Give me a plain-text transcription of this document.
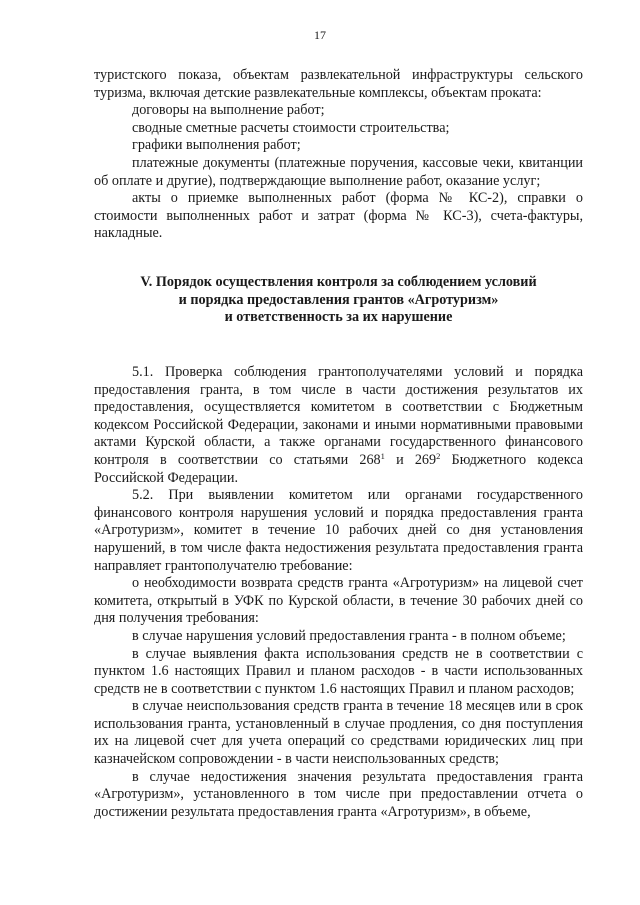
17

туристского показа, объектам развлекательной инфраструктуры сельского туризма, включая детские развлекательные комплексы, объектам проката:

договоры на выполнение работ;

сводные сметные расчеты стоимости строительства;

графики выполнения работ;

платежные документы (платежные поручения, кассовые чеки, квитанции об оплате и другие), подтверждающие выполнение работ, оказание услуг;

акты о приемке выполненных работ (форма № КС-2), справки о стоимости выполненных работ и затрат (форма № КС-3), счета-фактуры, накладные.

V. Порядок осуществления контроля за соблюдением условий
и порядка предоставления грантов «Агротуризм»
и ответственность за их нарушение

5.1. Проверка соблюдения грантополучателями условий и порядка предоставления гранта, в том числе в части достижения результатов их предоставления, осуществляется комитетом в соответствии с Бюджетным кодексом Российской Федерации, законами и иными нормативными правовыми актами Курской области, а также органами государственного финансового контроля в соответствии со статьями $268^1$ и $269^2$ Бюджетного кодекса Российской Федерации.

5.2. При выявлении комитетом или органами государственного финансового контроля нарушения условий и порядка предоставления гранта «Агротуризм», комитет в течение 10 рабочих дней со дня установления нарушений, в том числе факта недостижения результата предоставления гранта направляет грантополучателю требование:

о необходимости возврата средств гранта «Агротуризм» на лицевой счет комитета, открытый в УФК по Курской области, в течение 30 рабочих дней со дня получения требования:

в случае нарушения условий предоставления гранта - в полном объеме;

в случае выявления факта использования средств не в соответствии с пунктом 1.6 настоящих Правил и планом расходов - в части использованных средств не в соответствии с пунктом 1.6 настоящих Правил и планом расходов;

в случае неиспользования средств гранта в течение 18 месяцев или в срок использования гранта, установленный в случае продления, со дня поступления их на лицевой счет для учета операций со средствами юридических лиц при казначейском сопровождении - в части неиспользованных средств;

в случае недостижения значения результата предоставления гранта «Агротуризм», установленного в том числе при предоставлении отчета о достижении результата предоставления гранта «Агротуризм», в объеме,
